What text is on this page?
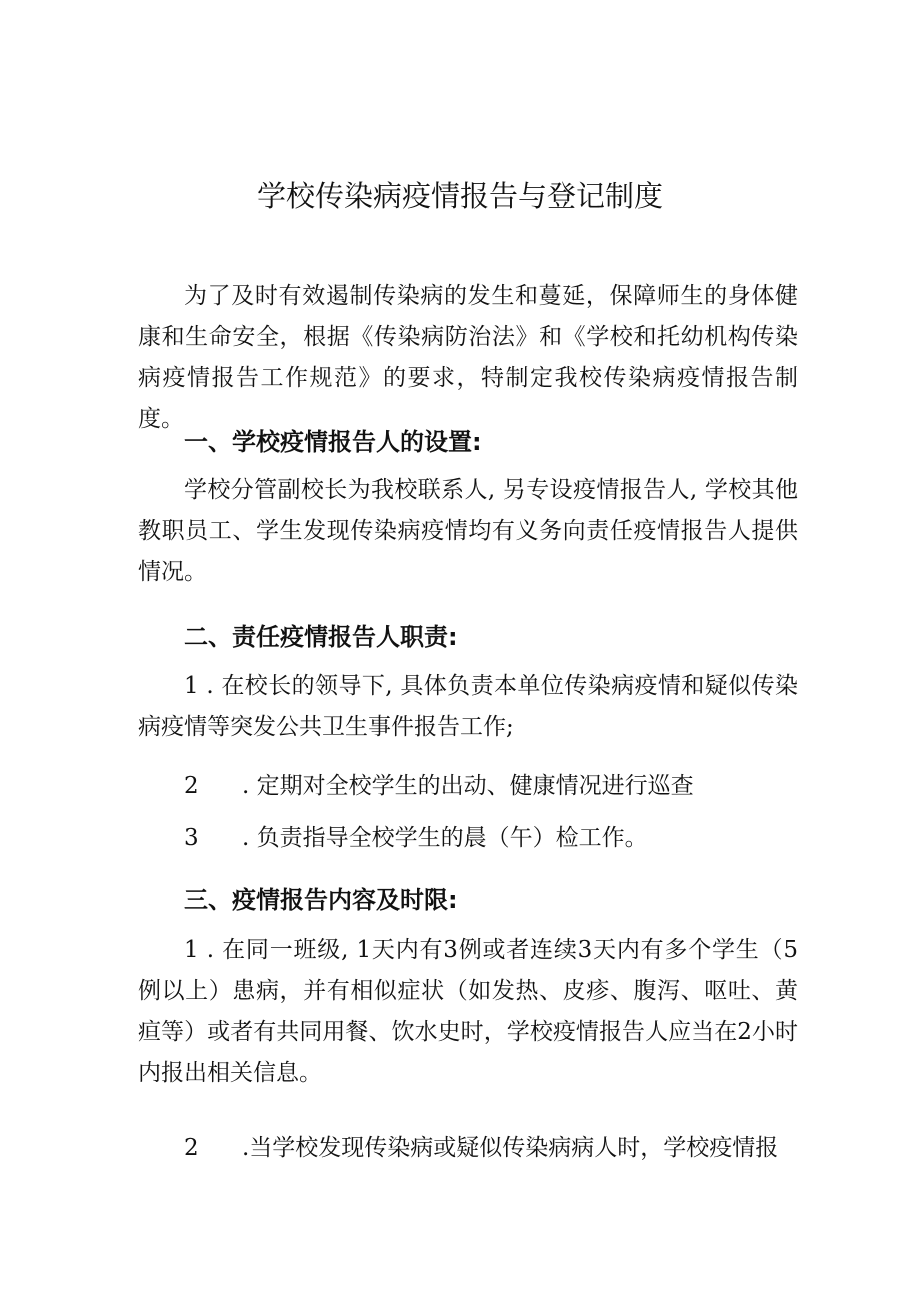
学校传染病疫情报告与登记制度

为了及时有效遏制传染病的发生和蔓延，保障师生的身体健康和生命安全，根据《传染病防治法》和《学校和托幼机构传染病疫情报告工作规范》的要求，特制定我校传染病疫情报告制度。

一、学校疫情报告人的设置:

学校分管副校长为我校联系人, 另专设疫情报告人, 学校其他教职员工、学生发现传染病疫情均有义务向责任疫情报告人提供情况。

二、责任疫情报告人职责:

1 . 在校长的领导下, 具体负责本单位传染病疫情和疑似传染病疫情等突发公共卫生事件报告工作;

2 . 定期对全校学生的出动、健康情况进行巡查

3 . 负责指导全校学生的晨（午）检工作。

三、疫情报告内容及时限:

1 . 在同一班级, 1天内有3例或者连续3天内有多个学生（5例以上）患病，并有相似症状（如发热、皮疹、腹泻、呕吐、黄疸等）或者有共同用餐、饮水史时，学校疫情报告人应当在2小时内报出相关信息。

2 .当学校发现传染病或疑似传染病病人时，学校疫情报
